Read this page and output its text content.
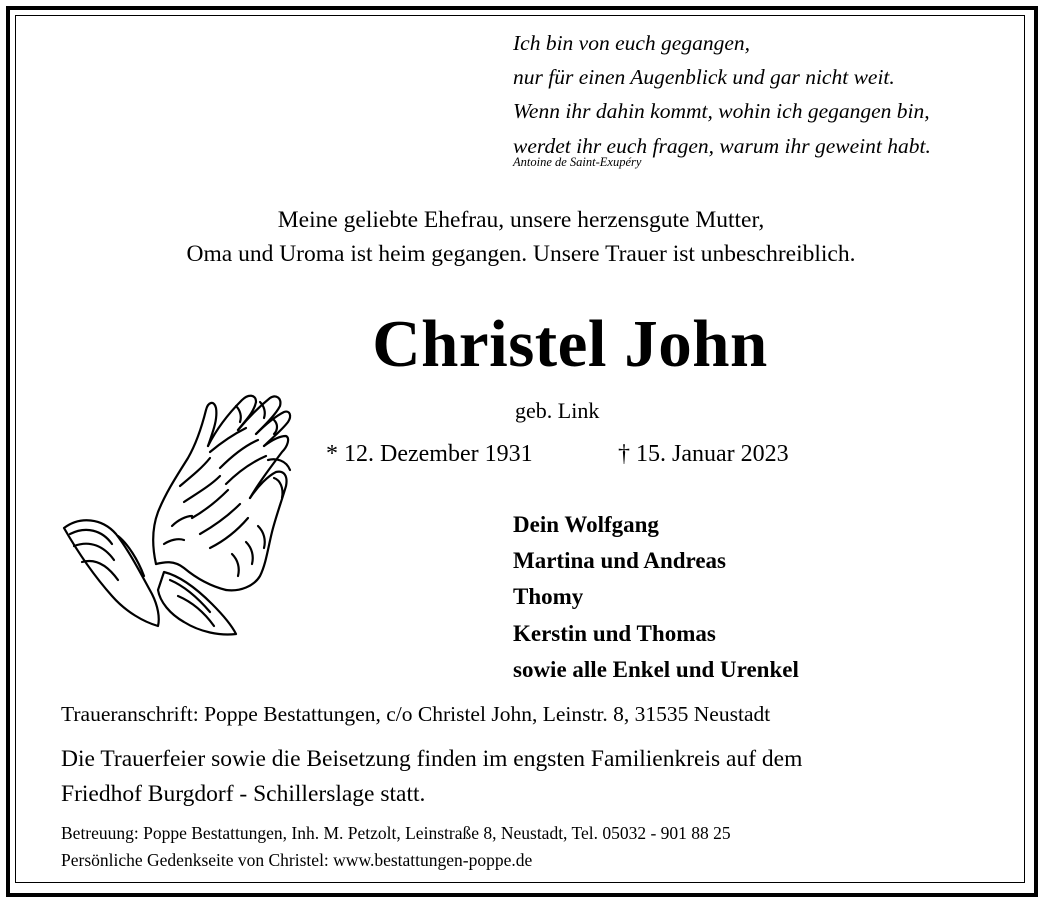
Ich bin von euch gegangen,
nur für einen Augenblick und gar nicht weit.
Wenn ihr dahin kommt, wohin ich gegangen bin,
werdet ihr euch fragen, warum ihr geweint habt.
Antoine de Saint-Exupéry
Meine geliebte Ehefrau, unsere herzensgute Mutter,
Oma und Uroma ist heim gegangen. Unsere Trauer ist unbeschreiblich.
Christel John
geb. Link
* 12. Dezember 1931	† 15. Januar 2023
Dein Wolfgang
Martina und Andreas
Thomy
Kerstin und Thomas
sowie alle Enkel und Urenkel
Traueranschrift: Poppe Bestattungen, c/o Christel John, Leinstr. 8, 31535 Neustadt
Die Trauerfeier sowie die Beisetzung finden im engsten Familienkreis auf dem
Friedhof Burgdorf - Schillerslage statt.
Betreuung: Poppe Bestattungen, Inh. M. Petzolt, Leinstraße 8, Neustadt, Tel. 05032 - 901 88 25
Persönliche Gedenkseite von Christel: www.bestattungen-poppe.de
